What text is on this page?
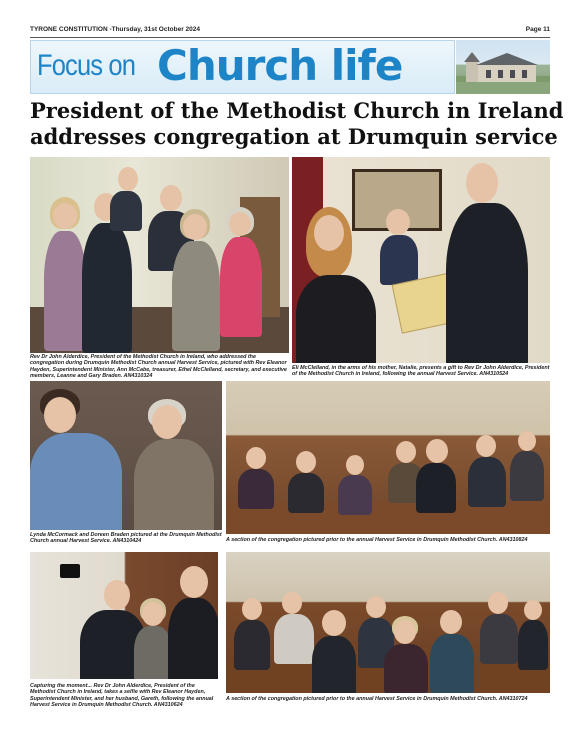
TYRONE CONSTITUTION -Thursday, 31st October 2024	Page 11
Focus on Church life
President of the Methodist Church in Ireland
addresses congregation at Drumquin service
Rev Dr John Alderdice, President of the Methodist Church in Ireland, who addressed the congregation during Drumquin Methodist Church annual Harvest Service, pictured with Rev Eleanor Hayden, Superintendent Minister, Ann McCabe, treasurer, Ethel McClelland, secretary, and executive members, Leanne and Gary Braden. AN4310324
Eli McClelland, in the arms of his mother, Natalie, presents a gift to Rev Dr John Alderdice, President of the Methodist Church in Ireland, following the annual Harvest Service. AN4310524
Lynda McCormack and Doreen Braden pictured at the Drumquin Methodist Church annual Harvest Service. AN4310424	A section of the congregation pictured prior to the annual Harvest Service in Drumquin Methodist Church. AN4310824
Capturing the moment... Rev Dr John Alderdice, President of the Methodist Church in Ireland, takes a selfie with Rev Eleanor Hayden, Superintendent Minister, and her husband, Gareth, following the annual Harvest Service in Drumquin Methodist Church. AN4310624
A section of the congregation pictured prior to the annual Harvest Service in Drumquin Methodist Church. AN4310724
